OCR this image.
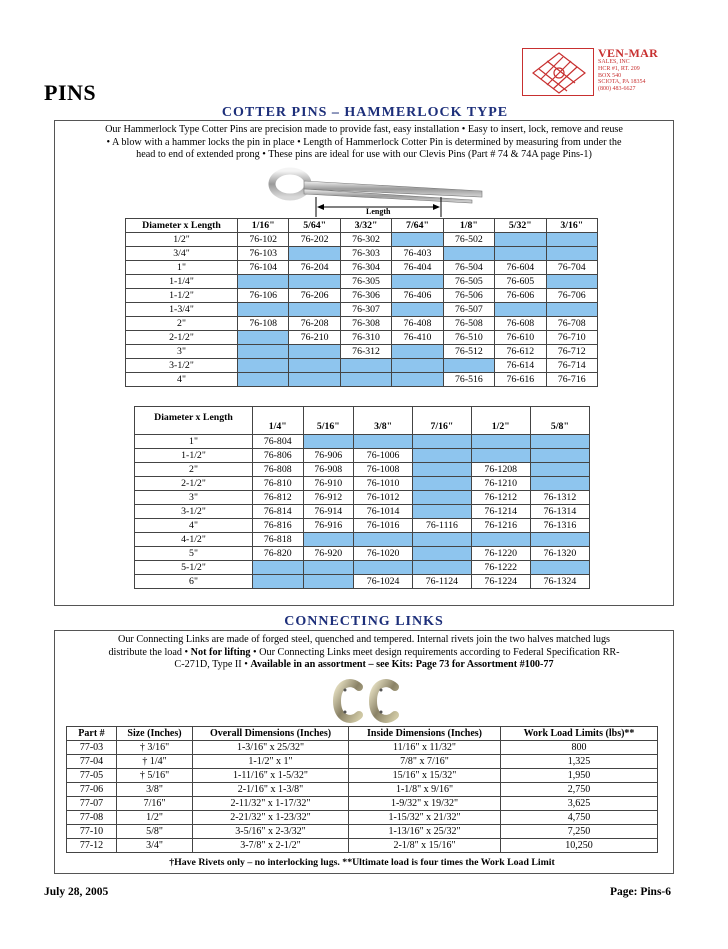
VEN-MAR
SALES, INC
HCR #1, RT. 209
BOX 540
SCIOTA, PA 18354
(800) 483-6627
PINS
COTTER PINS – HAMMERLOCK TYPE
Our Hammerlock Type Cotter Pins are precision made to provide fast, easy installation • Easy to insert, lock, remove and reuse
• A blow with a hammer locks the pin in place • Length of Hammerlock Cotter Pin is determined by measuring from under the
head to end of extended prong • These pins are ideal for use with our Clevis Pins (Part # 74 & 74A page Pins-1)
Length
Diameter x Length	1/16"	5/64"	3/32"	7/64"	1/8"	5/32"	3/16"
1/2"	76-102	76-202	76-302		76-502		
3/4"	76-103		76-303	76-403			
1"	76-104	76-204	76-304	76-404	76-504	76-604	76-704
1-1/4"			76-305		76-505	76-605	
1-1/2"	76-106	76-206	76-306	76-406	76-506	76-606	76-706
1-3/4"			76-307		76-507		
2"	76-108	76-208	76-308	76-408	76-508	76-608	76-708
2-1/2"		76-210	76-310	76-410	76-510	76-610	76-710
3"			76-312		76-512	76-612	76-712
3-1/2"						76-614	76-714
4"					76-516	76-616	76-716
Diameter x Length	1/4"	5/16"	3/8"	7/16"	1/2"	5/8"
1"	76-804					
1-1/2"	76-806	76-906	76-1006			
2"	76-808	76-908	76-1008		76-1208	
2-1/2"	76-810	76-910	76-1010		76-1210	
3"	76-812	76-912	76-1012		76-1212	76-1312
3-1/2"	76-814	76-914	76-1014		76-1214	76-1314
4"	76-816	76-916	76-1016	76-1116	76-1216	76-1316
4-1/2"	76-818					
5"	76-820	76-920	76-1020		76-1220	76-1320
5-1/2"					76-1222	
6"			76-1024	76-1124	76-1224	76-1324
CONNECTING LINKS
Our Connecting Links are made of forged steel, quenched and tempered. Internal rivets join the two halves matched lugs
distribute the load • Not for lifting • Our Connecting Links meet design requirements according to Federal Specification RR-
C-271D, Type II • Available in an assortment – see Kits: Page 73 for Assortment #100-77
Part #	Size (Inches)	Overall Dimensions (Inches)	Inside Dimensions (Inches)	Work Load Limits (lbs)**
77-03	† 3/16"	1-3/16" x 25/32"	11/16" x 11/32"	800
77-04	† 1/4"	1-1/2" x 1"	7/8" x 7/16"	1,325
77-05	† 5/16"	1-11/16" x 1-5/32"	15/16" x 15/32"	1,950
77-06	3/8"	2-1/16" x 1-3/8"	1-1/8" x 9/16"	2,750
77-07	7/16"	2-11/32" x 1-17/32"	1-9/32" x 19/32"	3,625
77-08	1/2"	2-21/32" x 1-23/32"	1-15/32" x 21/32"	4,750
77-10	5/8"	3-5/16" x 2-3/32"	1-13/16" x 25/32"	7,250
77-12	3/4"	3-7/8" x 2-1/2"	2-1/8" x 15/16"	10,250
†Have Rivets only – no interlocking lugs. **Ultimate load is four times the Work Load Limit
July 28, 2005	Page: Pins-6
